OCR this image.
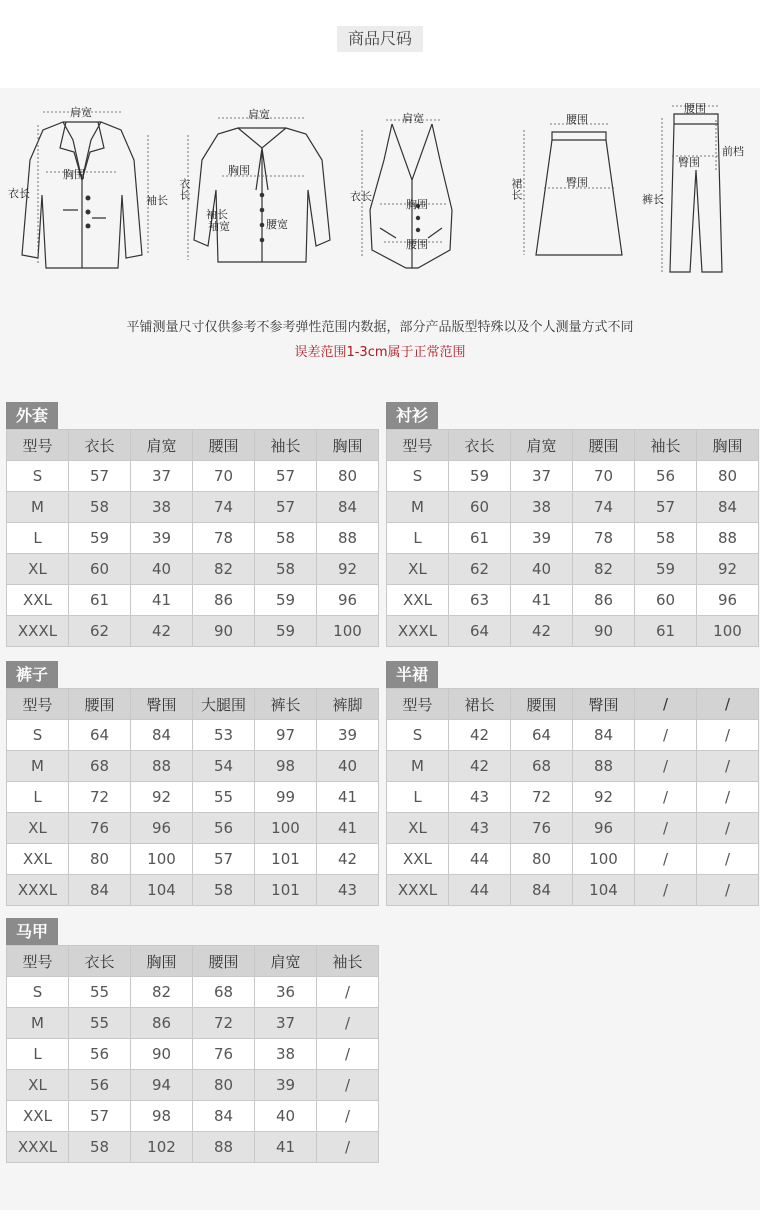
商品尺码
肩宽
胸围
衣长
袖长
肩宽
胸围
衣长
袖长
袖宽	腰宽
肩宽
衣长
胸围
腰围
腰围
臀围
裙长
腰围
前档
臀围
裤长
平铺测量尺寸仅供参考不参考弹性范围内数据，部分产品版型特殊以及个人测量方式不同
误差范围1-3cm属于正常范围
外套
型号	衣长	肩宽	腰围	袖长	胸围
S	57	37	70	57	80
M	58	38	74	57	84
L	59	39	78	58	88
XL	60	40	82	58	92
XXL	61	41	86	59	96
XXXL	62	42	90	59	100
衬衫
型号	衣长	肩宽	腰围	袖长	胸围
S	59	37	70	56	80
M	60	38	74	57	84
L	61	39	78	58	88
XL	62	40	82	59	92
XXL	63	41	86	60	96
XXXL	64	42	90	61	100
裤子
型号	腰围	臀围	大腿围	裤长	裤脚
S	64	84	53	97	39
M	68	88	54	98	40
L	72	92	55	99	41
XL	76	96	56	100	41
XXL	80	100	57	101	42
XXXL	84	104	58	101	43
半裙
型号	裙长	腰围	臀围	/	/
S	42	64	84	/	/
M	42	68	88	/	/
L	43	72	92	/	/
XL	43	76	96	/	/
XXL	44	80	100	/	/
XXXL	44	84	104	/	/
马甲
型号	衣长	胸围	腰围	肩宽	袖长
S	55	82	68	36	/
M	55	86	72	37	/
L	56	90	76	38	/
XL	56	94	80	39	/
XXL	57	98	84	40	/
XXXL	58	102	88	41	/
